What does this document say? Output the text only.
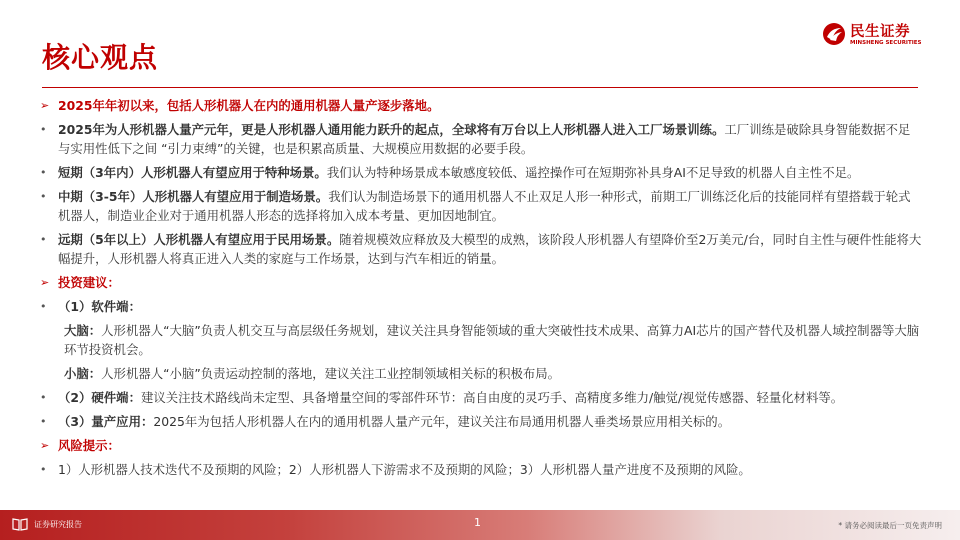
核心观点
民生证券
MINSHENG SECURITIES
➢ 2025年年初以来，包括人形机器人在内的通用机器人量产逐步落地。
• 2025年为人形机器人量产元年，更是人形机器人通用能力跃升的起点，全球将有万台以上人形机器人进入工厂场景训练。工厂训练是破除具身智能数据不足与实用性低下之间 “引力束缚”的关键，也是积累高质量、大规模应用数据的必要手段。
• 短期（3年内）人形机器人有望应用于特种场景。我们认为特种场景成本敏感度较低、遥控操作可在短期弥补具身AI不足导致的机器人自主性不足。
• 中期（3-5年）人形机器人有望应用于制造场景。我们认为制造场景下的通用机器人不止双足人形一种形式，前期工厂训练泛化后的技能同样有望搭载于轮式机器人，制造业企业对于通用机器人形态的选择将加入成本考量、更加因地制宜。
• 远期（5年以上）人形机器人有望应用于民用场景。随着规模效应释放及大模型的成熟，该阶段人形机器人有望降价至2万美元/台，同时自主性与硬件性能将大幅提升，人形机器人将真正进入人类的家庭与工作场景，达到与汽车相近的销量。
➢ 投资建议：
• （1）软件端：
大脑：人形机器人“大脑”负责人机交互与高层级任务规划，建议关注具身智能领域的重大突破性技术成果、高算力AI芯片的国产替代及机器人域控制器等大脑环节投资机会。
小脑：人形机器人“小脑”负责运动控制的落地，建议关注工业控制领域相关标的积极布局。
• （2）硬件端：建议关注技术路线尚未定型、具备增量空间的零部件环节：高自由度的灵巧手、高精度多维力/触觉/视觉传感器、轻量化材料等。
• （3）量产应用：2025年为包括人形机器人在内的通用机器人量产元年，建议关注布局通用机器人垂类场景应用相关标的。
➢ 风险提示：
• 1）人形机器人技术迭代不及预期的风险；2）人形机器人下游需求不及预期的风险；3）人形机器人量产进度不及预期的风险。
证券研究报告	1	* 请务必阅读最后一页免责声明
